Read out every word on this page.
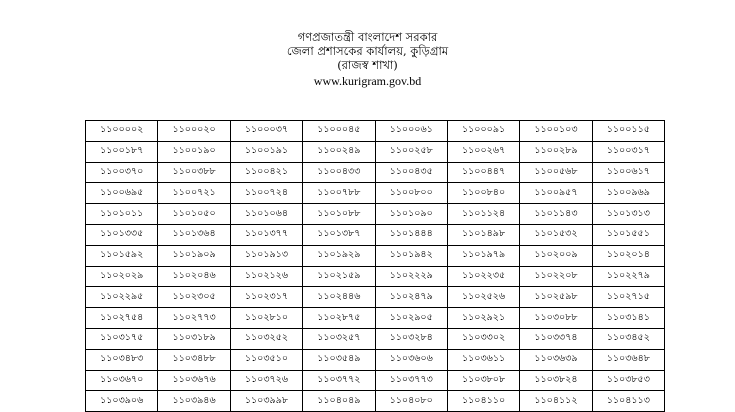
গণপ্রজাতন্ত্রী বাংলাদেশ সরকার
জেলা প্রশাসকের কার্যালয়, কুড়িগ্রাম
(রাজস্ব শাখা)
www.kurigram.gov.bd
১১০০০০২	১১০০০২০	১১০০০৩৭	১১০০০৪৫	১১০০০৬১	১১০০০৯১	১১০০১০৩	১১০০১১৫
১১০০১৮৭	১১০০১৯০	১১০০১৯১	১১০০২৪৯	১১০০২৫৮	১১০০২৬৭	১১০০২৮৯	১১০০৩১৭
১১০০৩৭০	১১০০৩৮৮	১১০০৪২১	১১০০৪৩৩	১১০০৪৩৫	১১০০৪৪৭	১১০০৫৬৮	১১০০৬১৭
১১০০৬৯৫	১১০০৭২১	১১০০৭২৪	১১০০৭৮৮	১১০০৮০০	১১০০৮৪০	১১০০৯৫৭	১১০০৯৬৯
১১০১০১১	১১০১০৫০	১১০১০৬৪	১১০১০৮৮	১১০১০৯০	১১০১১২৪	১১০১১৪৩	১১০১৩১৩
১১০১৩৩৫	১১০১৩৬৪	১১০১৩৭৭	১১০১৩৮৭	১১০১৪৪৪	১১০১৪৯৮	১১০১৫৩২	১১০১৫৫১
১১০১৫৯২	১১০১৯০৯	১১০১৯১৩	১১০১৯২৯	১১০১৯৪২	১১০১৯৭৯	১১০২০০৯	১১০২০১৪
১১০২০২৯	১১০২০৪৬	১১০২১২৬	১১০২১৫৯	১১০২২২৯	১১০২২৩৫	১১০২২০৮	১১০২২৭৯
১১০২২৯৫	১১০২৩০৫	১১০২৩১৭	১১০২৪৪৬	১১০২৪৭৯	১১০২৫২৬	১১০২৫৯৮	১১০২৭১৫
১১০২৭৫৪	১১০২৭৭৩	১১০২৮১০	১১০২৮৭৫	১১০২৯০৫	১১০২৯২১	১১০৩০৮৮	১১০৩১৪১
১১০৩১৭৫	১১০৩১৮৯	১১০৩২৫২	১১০৩২৫৭	১১০৩২৮৪	১১০৩৩০২	১১০৩৩৭৪	১১০৩৪৫২
১১০৩৪৮৩	১১০৩৪৮৮	১১০৩৫১০	১১০৩৫৪৯	১১০৩৬০৬	১১০৩৬১১	১১০৩৬৩৯	১১০৩৬৪৮
১১০৩৬৭০	১১০৩৬৭৬	১১০৩৭২৬	১১০৩৭৭২	১১০৩৭৭৩	১১০৩৮০৮	১১০৩৮২৪	১১০৩৮৫৩
১১০৩৯০৬	১১০৩৯৪৬	১১০৩৯৯৮	১১০৪০৪৯	১১০৪০৮০	১১০৪১১০	১১০৪১১২	১১০৪১১৩
